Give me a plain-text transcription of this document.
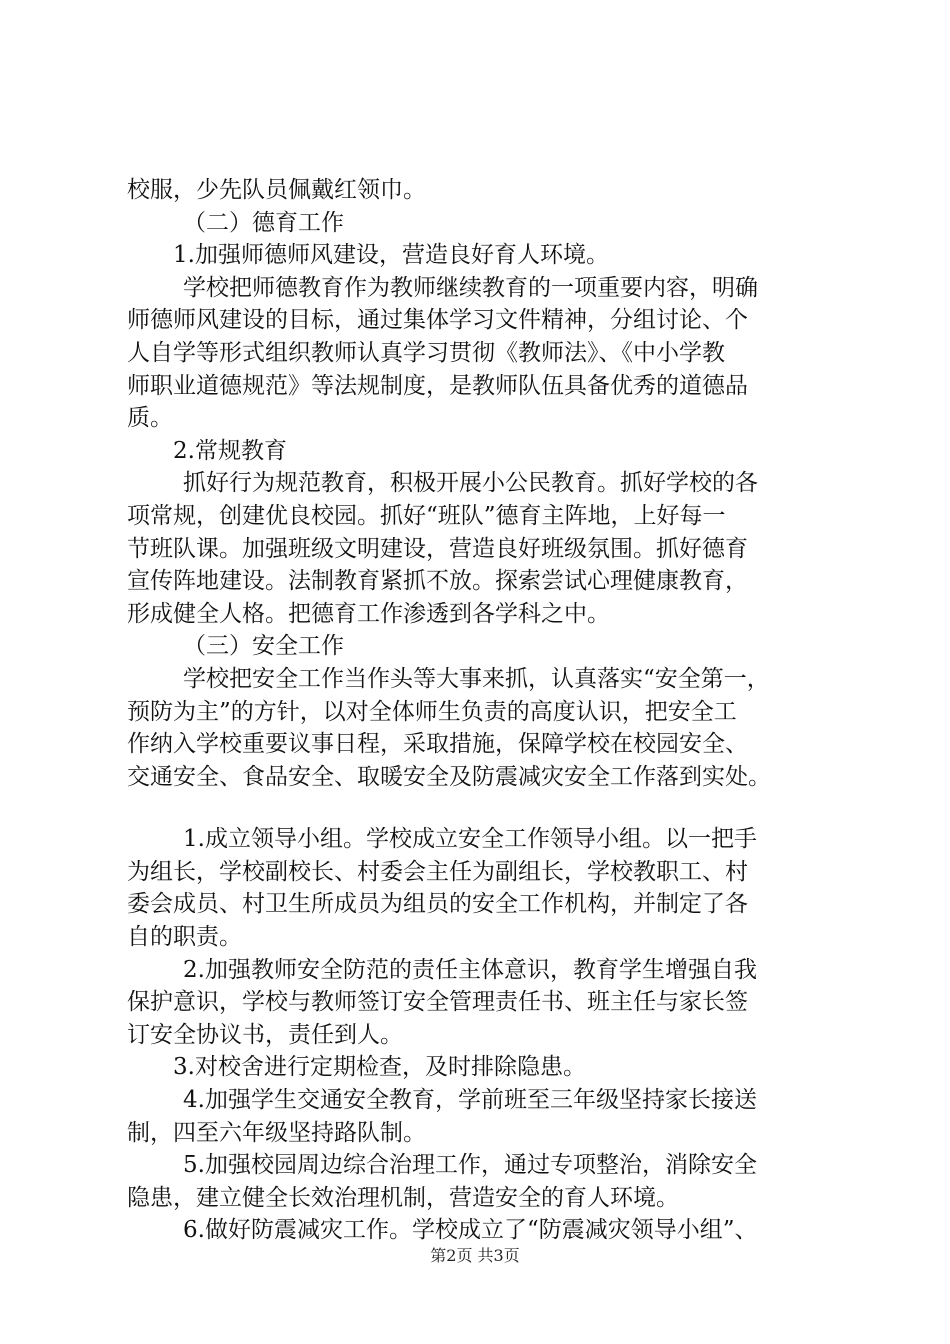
校服，少先队员佩戴红领巾。
（二）德育工作
1.加强师德师风建设，营造良好育人环境。
学校把师德教育作为教师继续教育的一项重要内容，明确
师德师风建设的目标，通过集体学习文件精神，分组讨论、个
人自学等形式组织教师认真学习贯彻《教师法》、《中小学教
师职业道德规范》等法规制度，是教师队伍具备优秀的道德品
质。
2.常规教育
抓好行为规范教育，积极开展小公民教育。抓好学校的各
项常规，创建优良校园。抓好“班队”德育主阵地，上好每一
节班队课。加强班级文明建设，营造良好班级氛围。抓好德育
宣传阵地建设。法制教育紧抓不放。探索尝试心理健康教育，
形成健全人格。把德育工作渗透到各学科之中。
（三）安全工作
学校把安全工作当作头等大事来抓，认真落实“安全第一，
预防为主”的方针，以对全体师生负责的高度认识，把安全工
作纳入学校重要议事日程，采取措施，保障学校在校园安全、
交通安全、食品安全、取暖安全及防震减灾安全工作落到实处。
1.成立领导小组。学校成立安全工作领导小组。以一把手
为组长，学校副校长、村委会主任为副组长，学校教职工、村
委会成员、村卫生所成员为组员的安全工作机构，并制定了各
自的职责。
2.加强教师安全防范的责任主体意识，教育学生增强自我
保护意识，学校与教师签订安全管理责任书、班主任与家长签
订安全协议书，责任到人。
3.对校舍进行定期检查，及时排除隐患。
4.加强学生交通安全教育，学前班至三年级坚持家长接送
制，四至六年级坚持路队制。
5.加强校园周边综合治理工作，通过专项整治，消除安全
隐患，建立健全长效治理机制，营造安全的育人环境。
6.做好防震减灾工作。学校成立了“防震减灾领导小组”、
第2页 共3页
